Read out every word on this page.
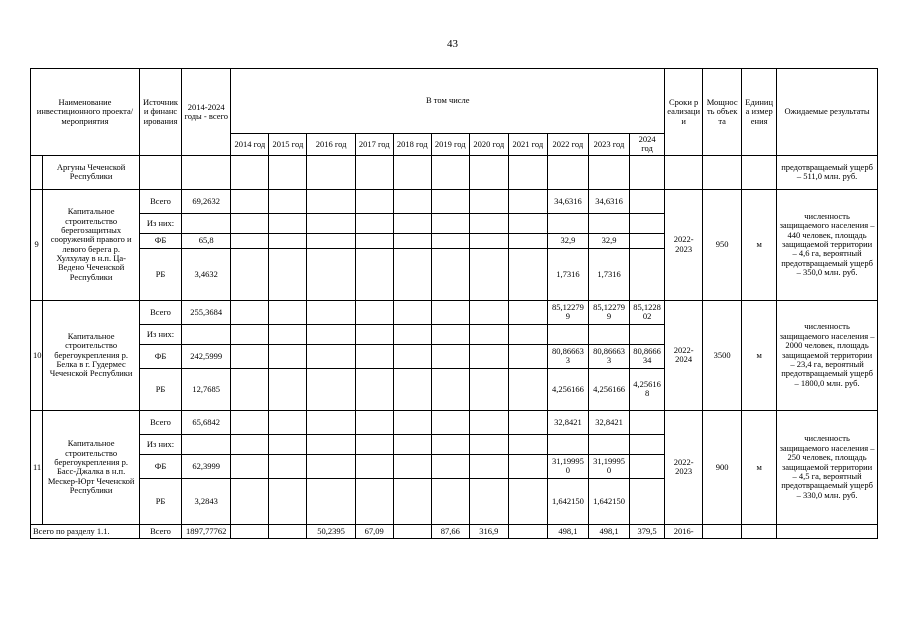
43
Наименование инвестиционного проекта/мероприятия		Источники финансирования	2014-2024 годы - всего	В том числе											Сроки реализации	Мощность объекта	Единица измерения	Ожидаемые результаты
				2014 год	2015 год	2016 год	2017 год	2018 год	2019 год	2020 год	2021 год	2022 год	2023 год	2024 год				
	Аргуны Чеченской Республики																	предотвращаемый ущерб – 511,0 млн. руб.
9	Капитальное строительство берегозащитных сооружений правого и левого берега р. Хулхулау в н.п. Ца-Ведено Чеченской Республики	Всего	69,2632									34,6316	34,6316		2022-2023	950	м	численность защищаемого населения – 440 человек, площадь защищаемой территории – 4,6 га, вероятный предотвращаемый ущерб – 350,0 млн. руб.
		Из них:																
		ФБ	65,8									32,9	32,9					
		РБ	3,4632									1,7316	1,7316					
10	Капитальное строительство берегоукрепления р. Белка в г. Гудермес Чеченской Республики	Всего	255,3684									85,122799	85,122799	85,122802	2022-2024	3500	м	численность защищаемого населения – 2000 человек, площадь защищаемой территории – 23,4 га, вероятный предотвращаемый ущерб – 1800,0 млн. руб.
		Из них:																
		ФБ	242,5999									80,866633	80,866633	80,866634				
		РБ	12,7685									4,256166	4,256166	4,256168				
11	Капитальное строительство берегоукрепления р. Басс-Джалка в н.п. Мескер-Юрт Чеченской Республики	Всего	65,6842									32,8421	32,8421		2022-2023	900	м	численность защищаемого населения – 250 человек, площадь защищаемой территории – 4,5 га, вероятный предотвращаемый ущерб – 330,0 млн. руб.
		Из них:																
		ФБ	62,3999									31,199950	31,199950					
		РБ	3,2843									1,642150	1,642150					
Всего по разделу 1.1.		Всего	1897,77762			50,2395	67,09		87,66	316,9		498,1	498,1	379,5	2016-			
